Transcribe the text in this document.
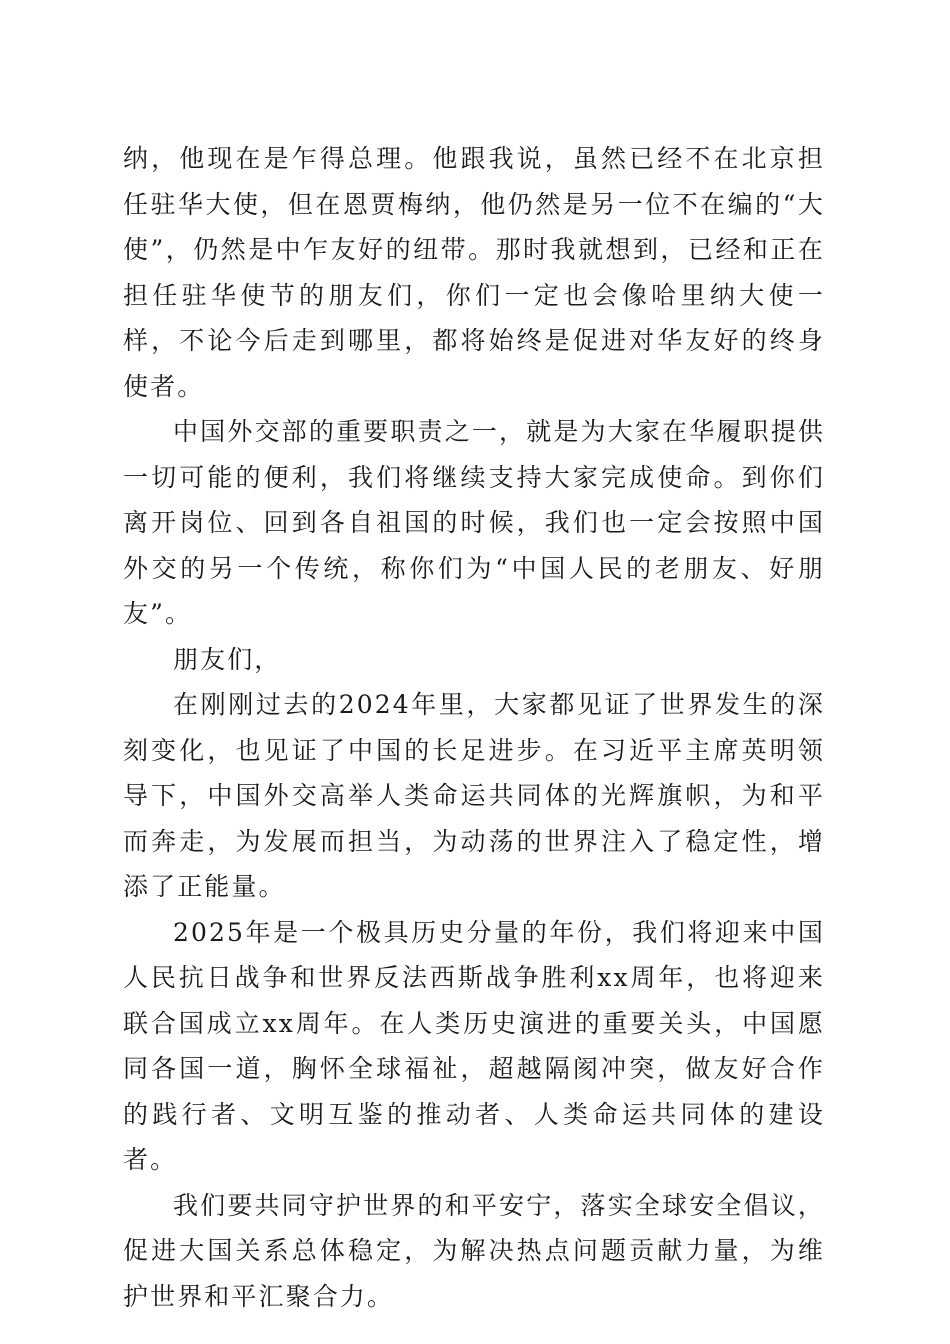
纳，他现在是乍得总理。他跟我说，虽然已经不在北京担任驻华大使，但在恩贾梅纳，他仍然是另一位不在编的“大使”，仍然是中乍友好的纽带。那时我就想到，已经和正在担任驻华使节的朋友们，你们一定也会像哈里纳大使一样，不论今后走到哪里，都将始终是促进对华友好的终身使者。

中国外交部的重要职责之一，就是为大家在华履职提供一切可能的便利，我们将继续支持大家完成使命。到你们离开岗位、回到各自祖国的时候，我们也一定会按照中国外交的另一个传统，称你们为“中国人民的老朋友、好朋友”。

朋友们，

在刚刚过去的2024年里，大家都见证了世界发生的深刻变化，也见证了中国的长足进步。在习近平主席英明领导下，中国外交高举人类命运共同体的光辉旗帜，为和平而奔走，为发展而担当，为动荡的世界注入了稳定性，增添了正能量。

2025年是一个极具历史分量的年份，我们将迎来中国人民抗日战争和世界反法西斯战争胜利xx周年，也将迎来联合国成立xx周年。在人类历史演进的重要关头，中国愿同各国一道，胸怀全球福祉，超越隔阂冲突，做友好合作的践行者、文明互鉴的推动者、人类命运共同体的建设者。

我们要共同守护世界的和平安宁，落实全球安全倡议，促进大国关系总体稳定，为解决热点问题贡献力量，为维护世界和平汇聚合力。
